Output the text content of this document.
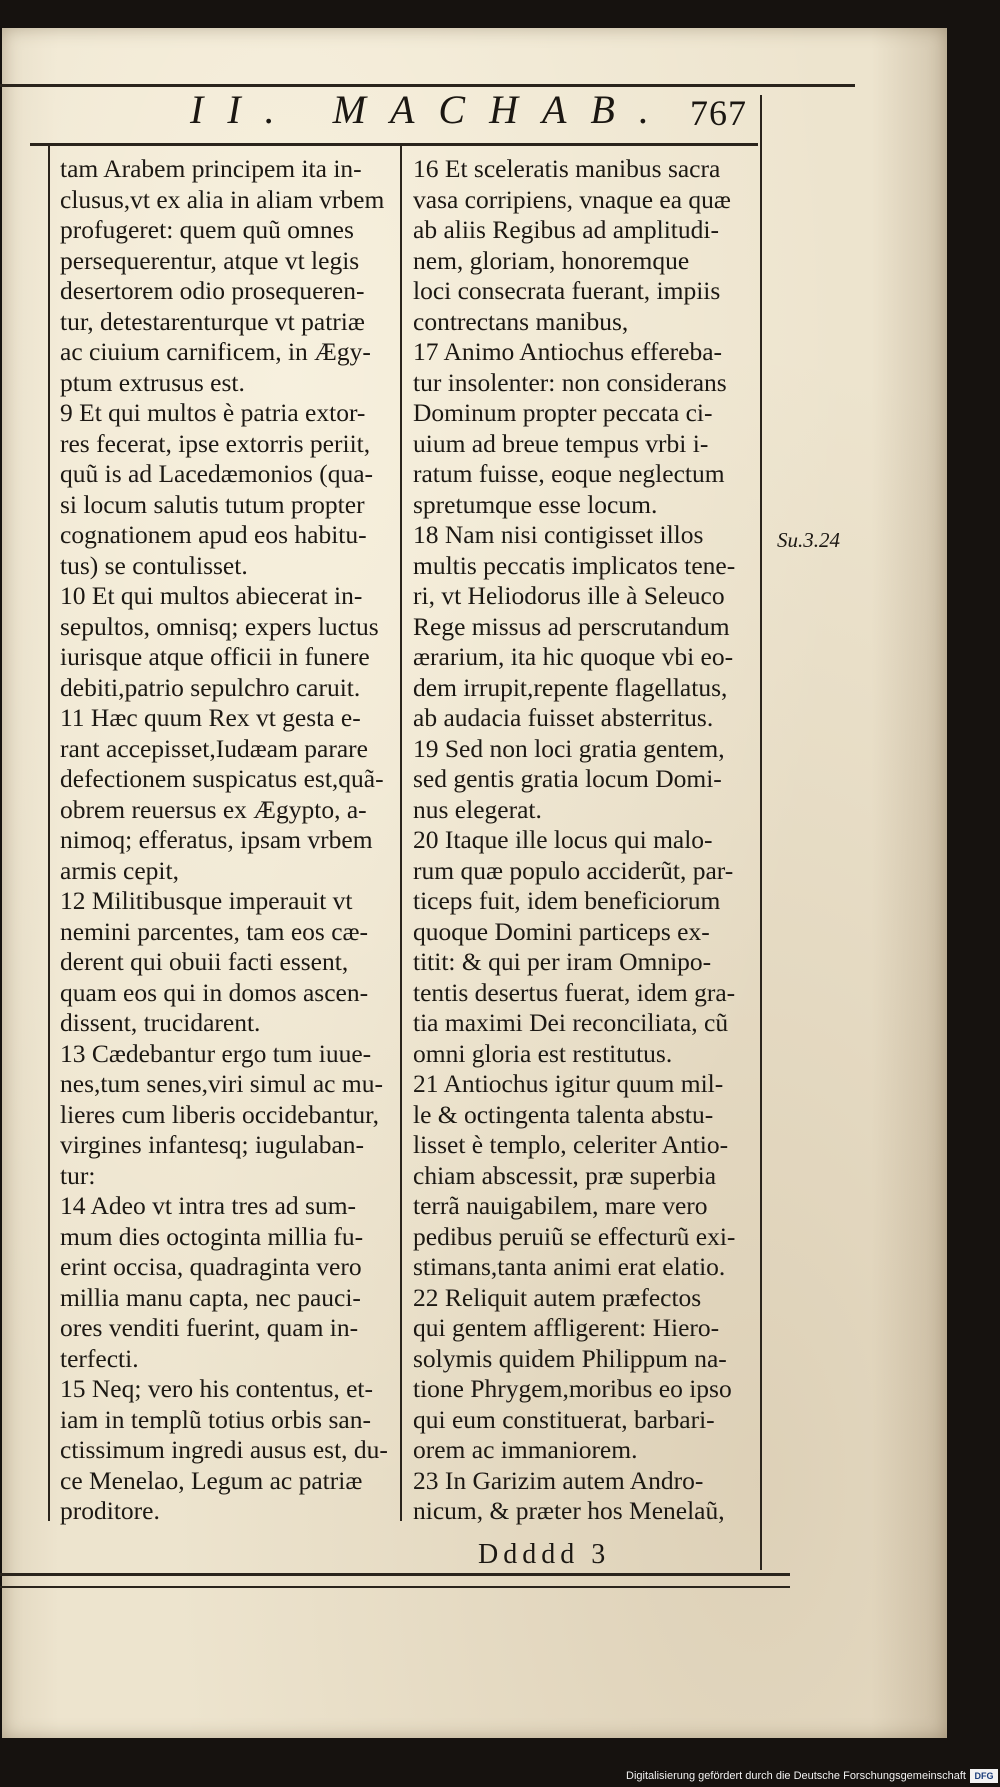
II. MACHAB. 767

tam Arabem principem ita in-

clusus,vt ex alia in aliam vrbem

profugeret: quem quũ omnes

persequerentur, atque vt legis

desertorem odio prosequeren-

tur, detestarenturque vt patriæ

ac ciuium carnificem, in Ægy-

ptum extrusus est.

9 Et qui multos è patria extor-

res fecerat, ipse extorris periit,

quũ is ad Lacedæmonios (qua-

si locum salutis tutum propter

cognationem apud eos habitu-

tus) se contulisset.

10 Et qui multos abiecerat in-

sepultos, omnisq; expers luctus

iurisque atque officii in funere

debiti,patrio sepulchro caruit.

11 Hæc quum Rex vt gesta e-

rant accepisset,Iudæam parare

defectionem suspicatus est,quã-

obrem reuersus ex Ægypto, a-

nimoq; efferatus, ipsam vrbem

armis cepit,

12 Militibusque imperauit vt

nemini parcentes, tam eos cæ-

derent qui obuii facti essent,

quam eos qui in domos ascen-

dissent, trucidarent.

13 Cædebantur ergo tum iuue-

nes,tum senes,viri simul ac mu-

lieres cum liberis occidebantur,

virgines infantesq; iugulaban-

tur:

14 Adeo vt intra tres ad sum-

mum dies octoginta millia fu-

erint occisa, quadraginta vero

millia manu capta, nec pauci-

ores venditi fuerint, quam in-

terfecti.

15 Neq; vero his contentus, et-

iam in templũ totius orbis san-

ctissimum ingredi ausus est, du-

ce Menelao, Legum ac patriæ

proditore.

16 Et sceleratis manibus sacra

vasa corripiens, vnaque ea quæ

ab aliis Regibus ad amplitudi-

nem, gloriam, honoremque

loci consecrata fuerant, impiis

contrectans manibus,

17 Animo Antiochus effereba-

tur insolenter: non considerans

Dominum propter peccata ci-

uium ad breue tempus vrbi i-

ratum fuisse, eoque neglectum

spretumque esse locum.

18 Nam nisi contigisset illos

multis peccatis implicatos tene-

ri, vt Heliodorus ille à Seleuco

Rege missus ad perscrutandum

ærarium, ita hic quoque vbi eo-

dem irrupit,repente flagellatus,

ab audacia fuisset absterritus.

19 Sed non loci gratia gentem,

sed gentis gratia locum Domi-

nus elegerat.

20 Itaque ille locus qui malo-

rum quæ populo acciderũt, par-

ticeps fuit, idem beneficiorum

quoque Domini particeps ex-

titit: & qui per iram Omnipo-

tentis desertus fuerat, idem gra-

tia maximi Dei reconciliata, cũ

omni gloria est restitutus.

21 Antiochus igitur quum mil-

le & octingenta talenta abstu-

lisset è templo, celeriter Antio-

chiam abscessit, præ superbia

terrã nauigabilem, mare vero

pedibus peruiũ se effecturũ exi-

stimans,tanta animi erat elatio.

22 Reliquit autem præfectos

qui gentem affligerent: Hiero-

solymis quidem Philippum na-

tione Phrygem,moribus eo ipso

qui eum constituerat, barbari-

orem ac immaniorem.

23 In Garizim autem Andro-

nicum, & præter hos Menelaũ,

Su.3.24
Ddddd 3
Digitalisierung gefördert durch die Deutsche Forschungsgemeinschaft DFG
